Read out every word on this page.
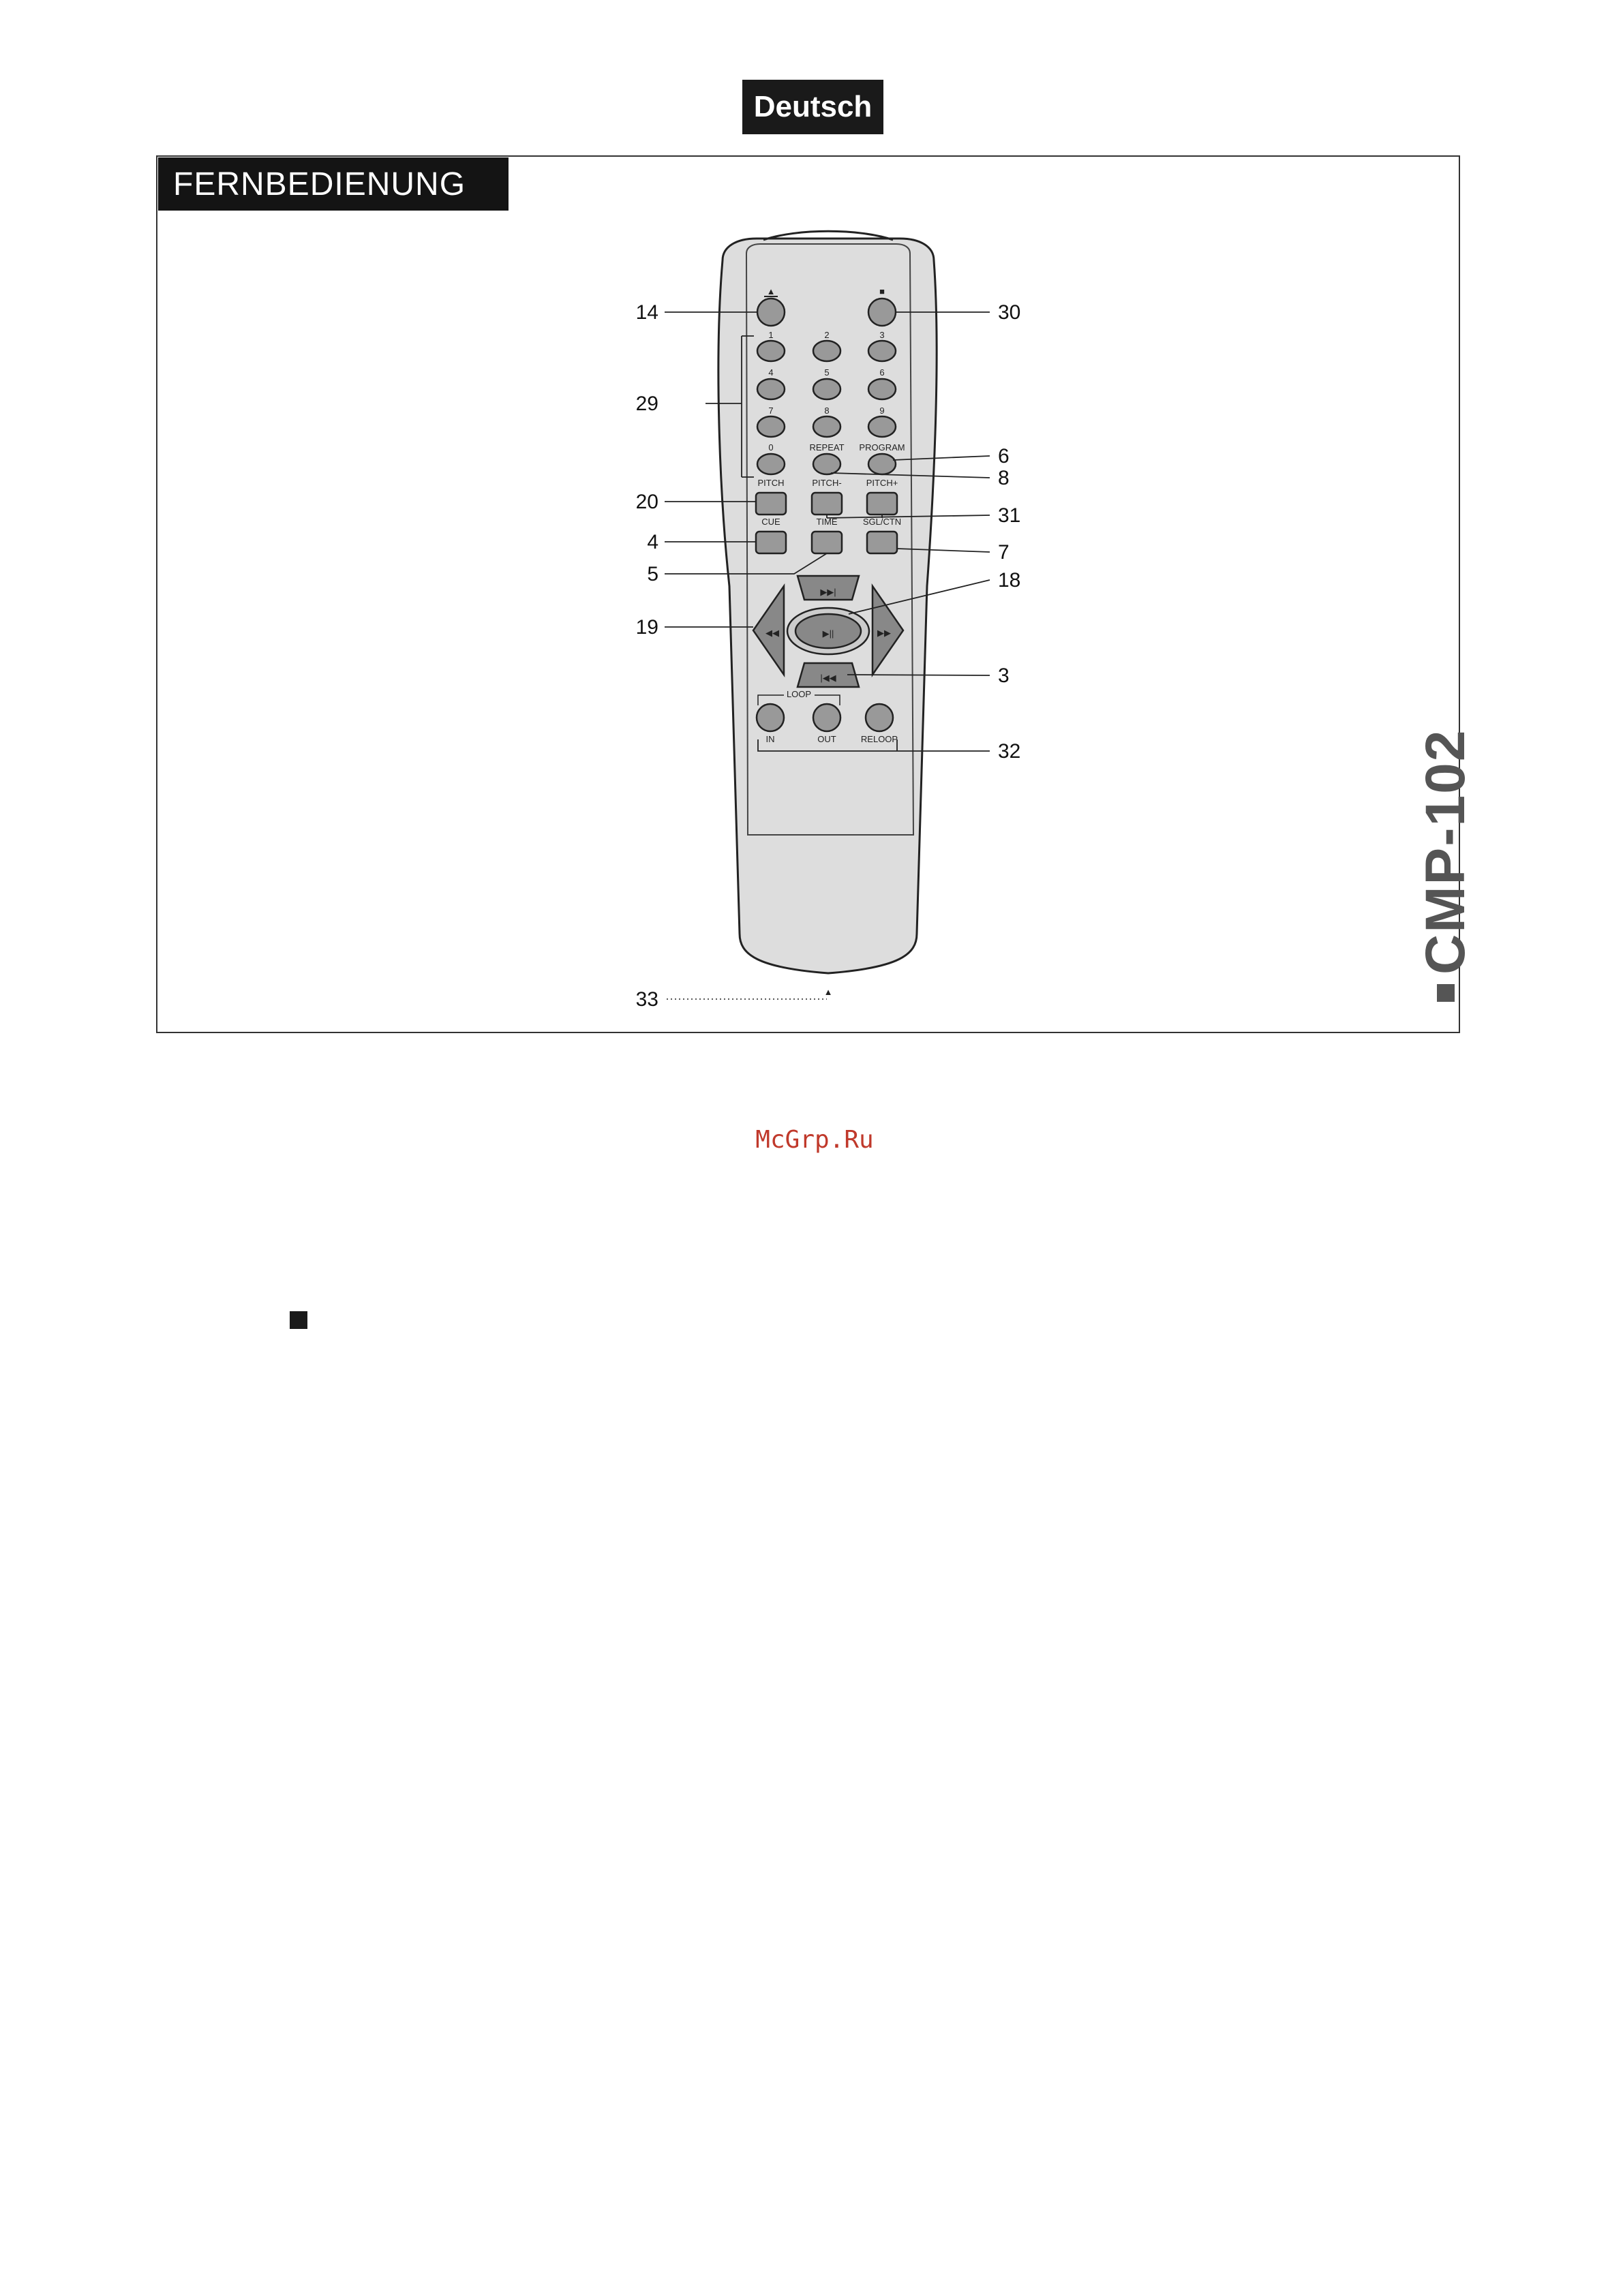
Deutsch
FERNBEDIENUNG
CMP-102
▲	■
1	2	3
4	5	6
7	8	9
0	REPEAT PROGRAM
PITCH	PITCH-	PITCH+
CUE	TIME	SGL/CTN
▶▶|
|◀◀
◀◀	▶▶
▶||
LOOP
IN	OUT	RELOOP
▲
14	30
29
6
8
20
31
4	7
5	18
19
3
32
33
McGrp.Ru
